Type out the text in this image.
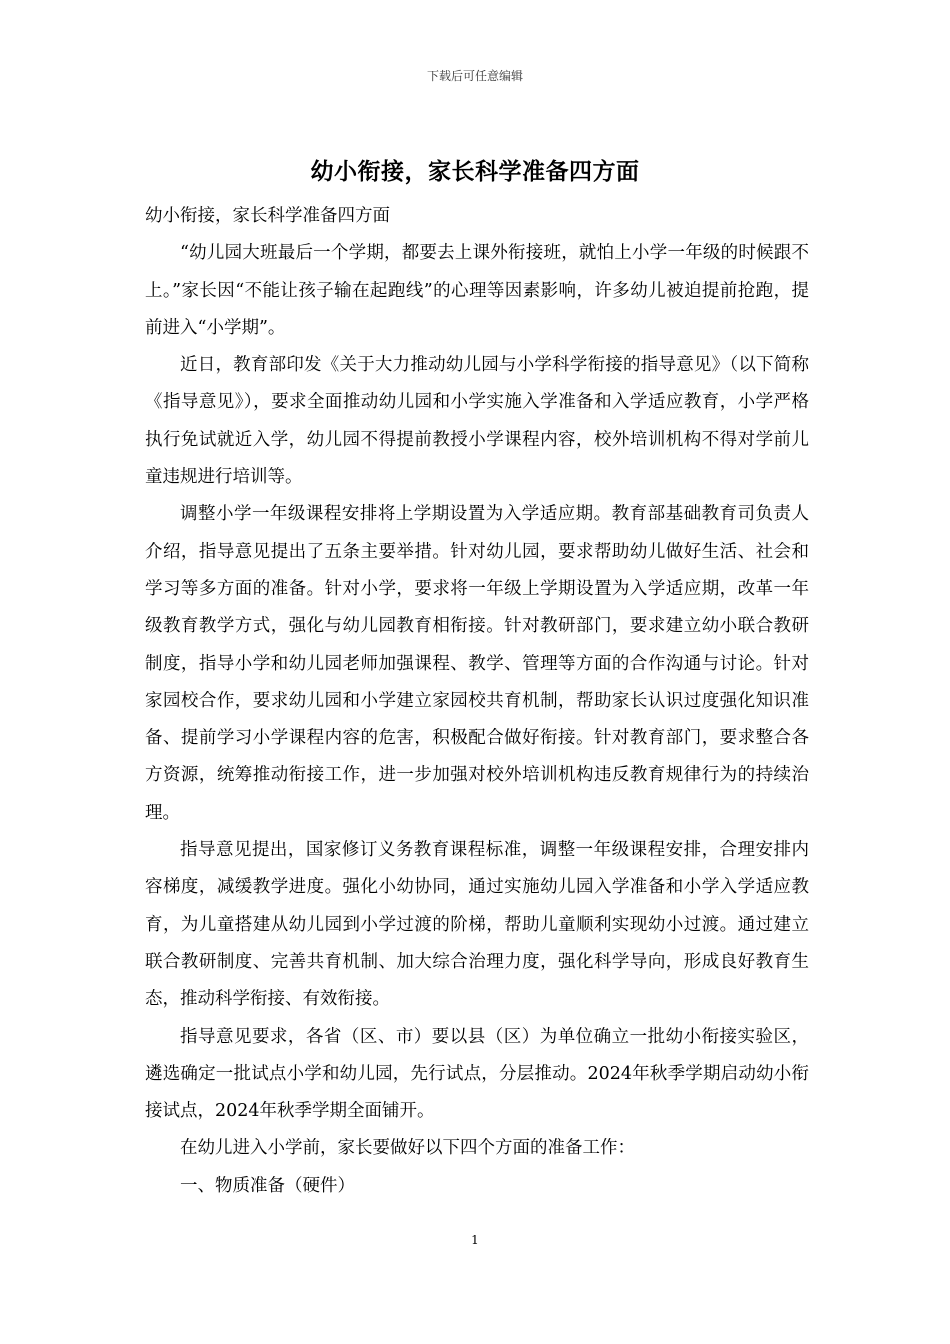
下载后可任意编辑
幼小衔接，家长科学准备四方面

幼小衔接，家长科学准备四方面

“幼儿园大班最后一个学期，都要去上课外衔接班，就怕上小学一年级的时候跟不上。”家长因“不能让孩子输在起跑线”的心理等因素影响，许多幼儿被迫提前抢跑，提前进入“小学期”。

近日，教育部印发《关于大力推动幼儿园与小学科学衔接的指导意见》（以下简称《指导意见》），要求全面推动幼儿园和小学实施入学准备和入学适应教育，小学严格执行免试就近入学，幼儿园不得提前教授小学课程内容，校外培训机构不得对学前儿童违规进行培训等。

调整小学一年级课程安排将上学期设置为入学适应期。教育部基础教育司负责人介绍，指导意见提出了五条主要举措。针对幼儿园，要求帮助幼儿做好生活、社会和学习等多方面的准备。针对小学，要求将一年级上学期设置为入学适应期，改革一年级教育教学方式，强化与幼儿园教育相衔接。针对教研部门，要求建立幼小联合教研制度，指导小学和幼儿园老师加强课程、教学、管理等方面的合作沟通与讨论。针对家园校合作，要求幼儿园和小学建立家园校共育机制，帮助家长认识过度强化知识准备、提前学习小学课程内容的危害，积极配合做好衔接。针对教育部门，要求整合各方资源，统筹推动衔接工作，进一步加强对校外培训机构违反教育规律行为的持续治理。

指导意见提出，国家修订义务教育课程标准，调整一年级课程安排，合理安排内容梯度，减缓教学进度。强化小幼协同，通过实施幼儿园入学准备和小学入学适应教育，为儿童搭建从幼儿园到小学过渡的阶梯，帮助儿童顺利实现幼小过渡。通过建立联合教研制度、完善共育机制、加大综合治理力度，强化科学导向，形成良好教育生态，推动科学衔接、有效衔接。

指导意见要求，各省（区、市）要以县（区）为单位确立一批幼小衔接实验区，遴选确定一批试点小学和幼儿园，先行试点，分层推动。2024年秋季学期启动幼小衔接试点，2024年秋季学期全面铺开。

在幼儿进入小学前，家长要做好以下四个方面的准备工作：

一、物质准备（硬件）

1
